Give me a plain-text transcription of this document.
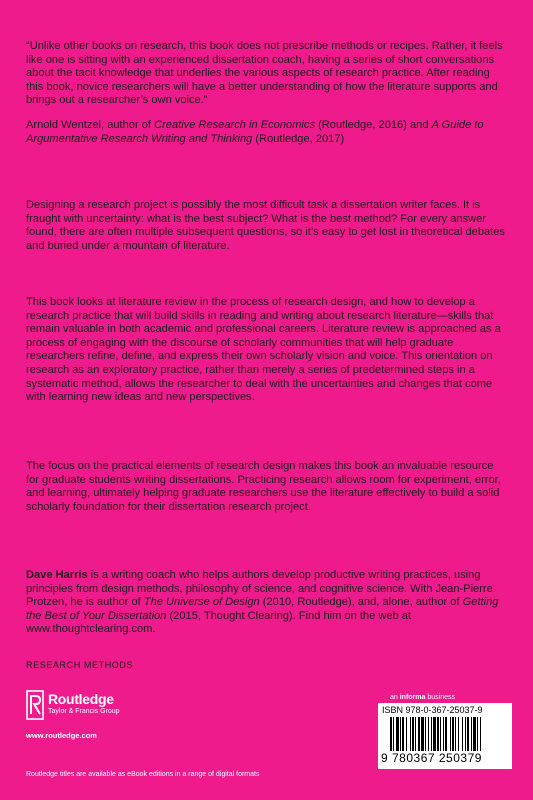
“Unlike other books on research, this book does not prescribe methods or recipes. Rather, it feels like one is sitting with an experienced dissertation coach, having a series of short conversations about the tacit knowledge that underlies the various aspects of research practice. After reading this book, novice researchers will have a better understanding of how the literature supports and brings out a researcher’s own voice.”

Arnold Wentzel, author of Creative Research in Economics (Routledge, 2016) and A Guide to Argumentative Research Writing and Thinking (Routledge, 2017)

Designing a research project is possibly the most difficult task a dissertation writer faces. It is fraught with uncertainty: what is the best subject? What is the best method? For every answer found, there are often multiple subsequent questions, so it’s easy to get lost in theoretical debates and buried under a mountain of literature.

This book looks at literature review in the process of research design, and how to develop a research practice that will build skills in reading and writing about research literature—skills that remain valuable in both academic and professional careers. Literature review is approached as a process of engaging with the discourse of scholarly communities that will help graduate researchers refine, define, and express their own scholarly vision and voice. This orientation on research as an exploratory practice, rather than merely a series of predetermined steps in a systematic method, allows the researcher to deal with the uncertainties and changes that come with learning new ideas and new perspectives.

The focus on the practical elements of research design makes this book an invaluable resource for graduate students writing dissertations. Practicing research allows room for experiment, error, and learning, ultimately helping graduate researchers use the literature effectively to build a solid scholarly foundation for their dissertation research project.

Dave Harris is a writing coach who helps authors develop productive writing practices, using principles from design methods, philosophy of science, and cognitive science. With Jean-Pierre Protzen, he is author of The Universe of Design (2010, Routledge), and, alone, author of Getting the Best of Your Dissertation (2015, Thought Clearing). Find him on the web at www.thoughtclearing.com.

RESEARCH METHODS
Routledge
Taylor & Francis Group
www.routledge.com
an informa business
ISBN 978-0-367-25037-9
9 780367 250379
Routledge titles are available as eBook editions in a range of digital formats
